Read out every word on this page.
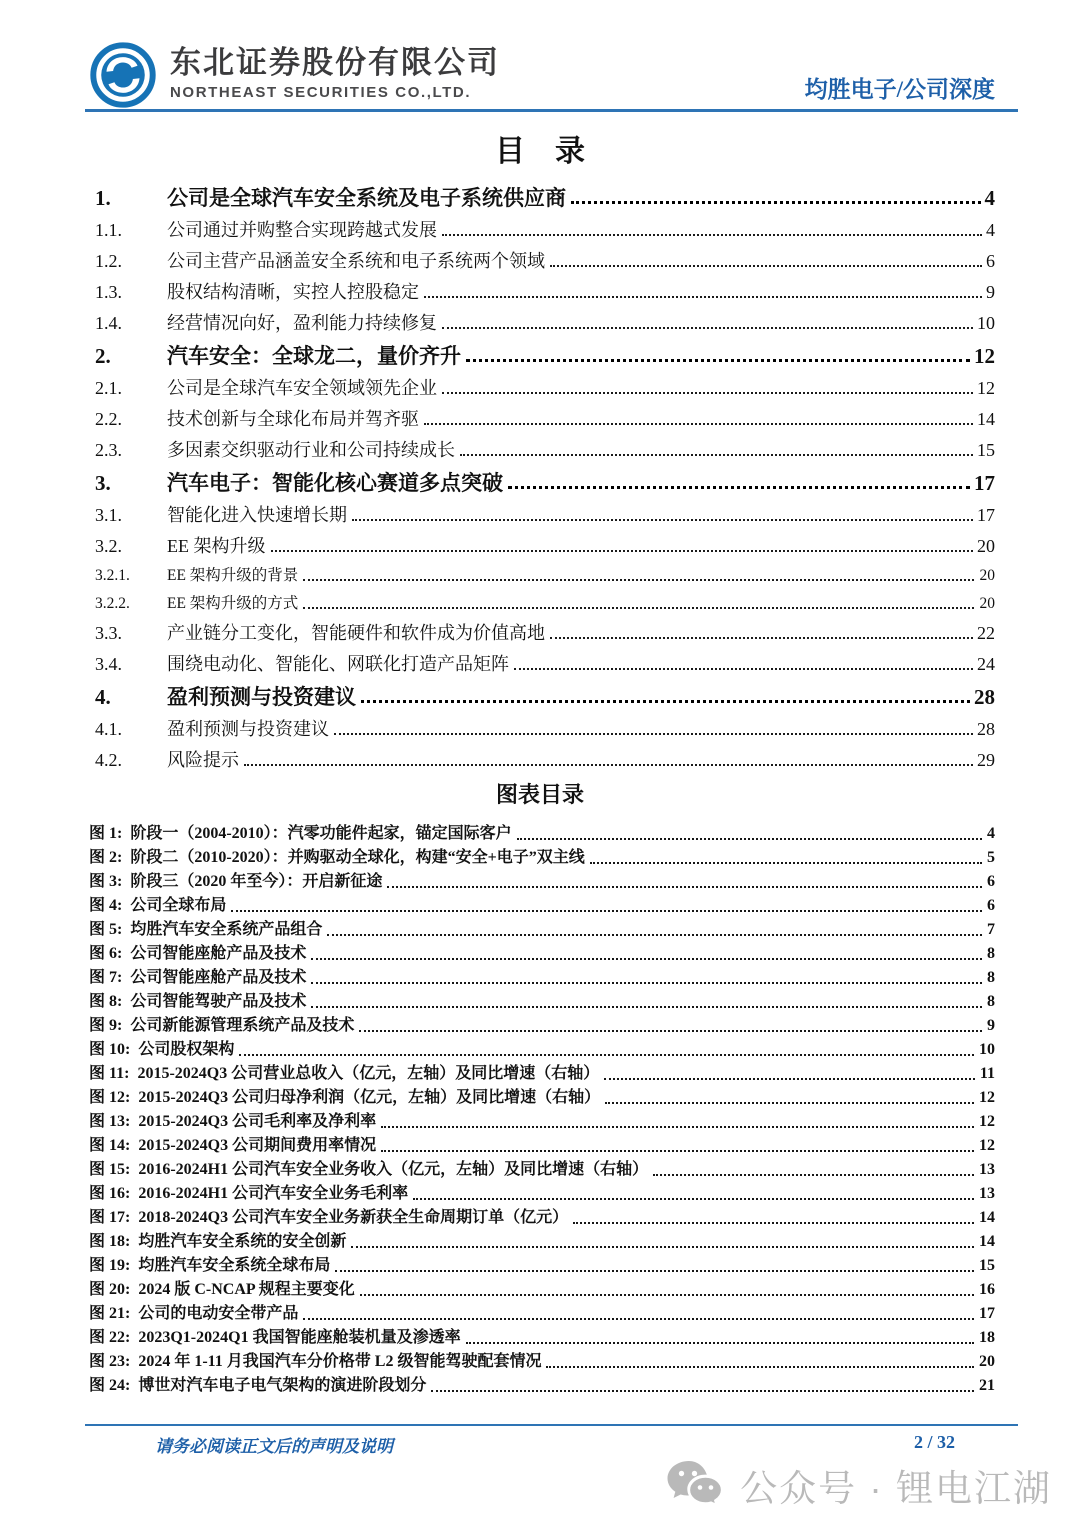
东北证券股份有限公司
NORTHEAST SECURITIES CO.,LTD.	均胜电子/公司深度
目　录
1.	公司是全球汽车安全系统及电子系统供应商	4
1.1.	公司通过并购整合实现跨越式发展	4
1.2.	公司主营产品涵盖安全系统和电子系统两个领域	6
1.3.	股权结构清晰，实控人控股稳定	9
1.4.	经营情况向好，盈利能力持续修复	10
2.	汽车安全：全球龙二，量价齐升	12
2.1.	公司是全球汽车安全领域领先企业	12
2.2.	技术创新与全球化布局并驾齐驱	14
2.3.	多因素交织驱动行业和公司持续成长	15
3.	汽车电子：智能化核心赛道多点突破	17
3.1.	智能化进入快速增长期	17
3.2.	EE 架构升级	20
3.2.1.	EE 架构升级的背景	20
3.2.2.	EE 架构升级的方式	20
3.3.	产业链分工变化，智能硬件和软件成为价值高地	22
3.4.	围绕电动化、智能化、网联化打造产品矩阵	24
4.	盈利预测与投资建议	28
4.1.	盈利预测与投资建议	28
4.2.	风险提示	29
图表目录
图 1: 阶段一（2004-2010）：汽零功能件起家，锚定国际客户	4
图 2: 阶段二（2010-2020）：并购驱动全球化，构建“安全+电子”双主线	5
图 3: 阶段三（2020 年至今）：开启新征途	6
图 4: 公司全球布局	6
图 5: 均胜汽车安全系统产品组合	7
图 6: 公司智能座舱产品及技术	8
图 7: 公司智能座舱产品及技术	8
图 8: 公司智能驾驶产品及技术	8
图 9: 公司新能源管理系统产品及技术	9
图 10: 公司股权架构	10
图 11: 2015-2024Q3 公司营业总收入（亿元，左轴）及同比增速（右轴）	11
图 12: 2015-2024Q3 公司归母净利润（亿元，左轴）及同比增速（右轴）	12
图 13: 2015-2024Q3 公司毛利率及净利率	12
图 14: 2015-2024Q3 公司期间费用率情况	12
图 15: 2016-2024H1 公司汽车安全业务收入（亿元，左轴）及同比增速（右轴）	13
图 16: 2016-2024H1 公司汽车安全业务毛利率	13
图 17: 2018-2024Q3 公司汽车安全业务新获全生命周期订单（亿元）	14
图 18: 均胜汽车安全系统的安全创新	14
图 19: 均胜汽车安全系统全球布局	15
图 20: 2024 版 C-NCAP 规程主要变化	16
图 21: 公司的电动安全带产品	17
图 22: 2023Q1-2024Q1 我国智能座舱装机量及渗透率	18
图 23: 2024 年 1-11 月我国汽车分价格带 L2 级智能驾驶配套情况	20
图 24: 博世对汽车电子电气架构的演进阶段划分	21
请务必阅读正文后的声明及说明	2 / 32
公众号 · 锂电江湖
